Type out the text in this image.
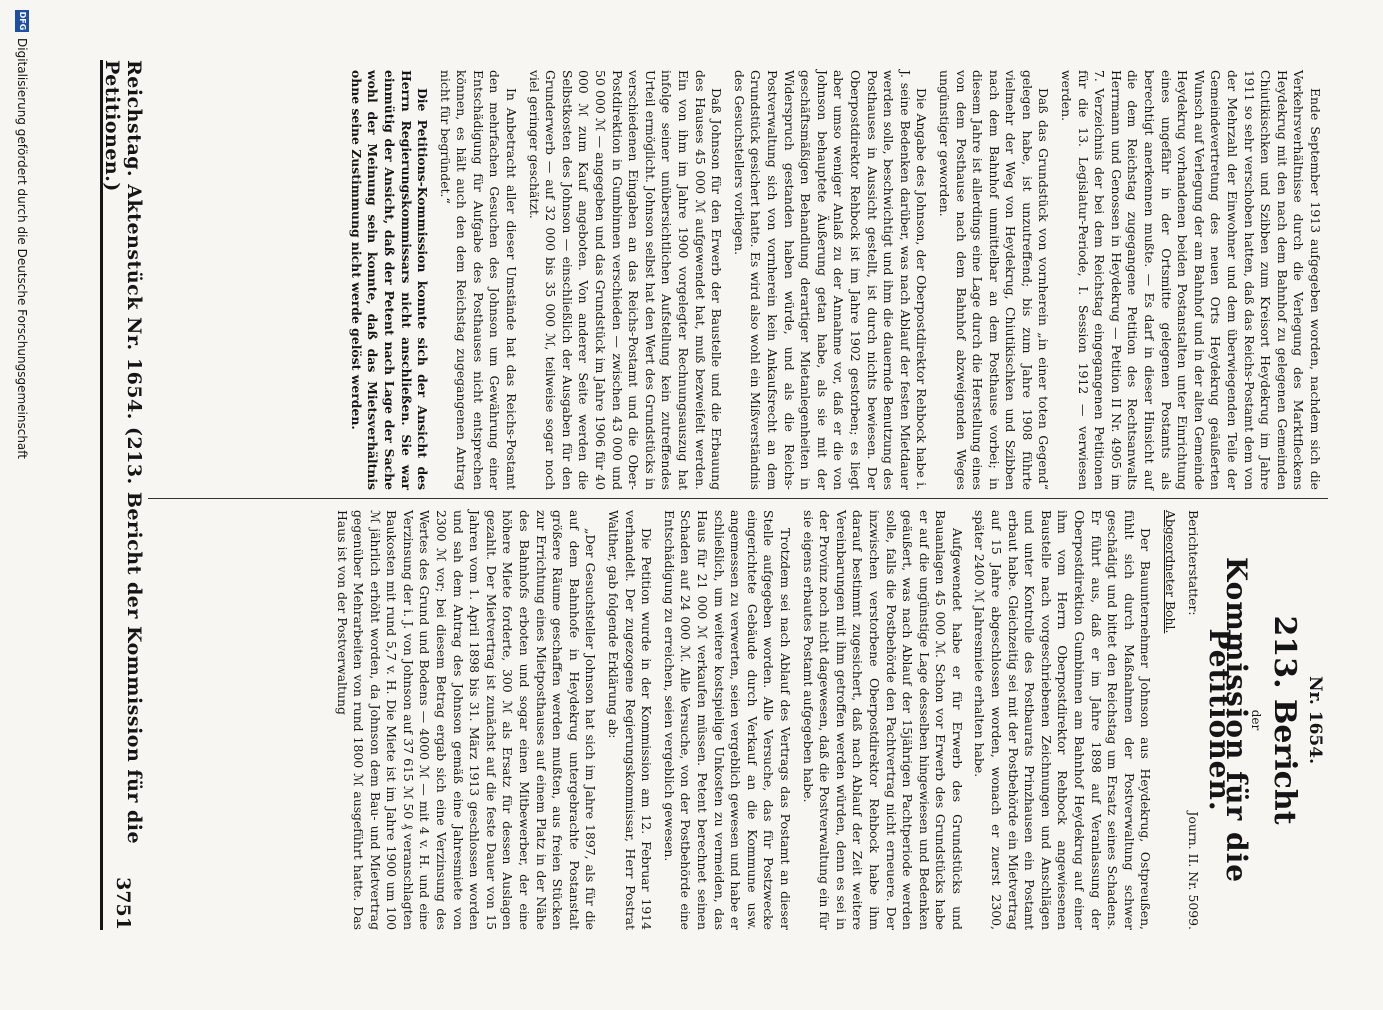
Reichstag. Aktenstück Nr. 1654. (213. Bericht der Kommission für die Petitionen.)
3751
Nr. 1654.
213. Bericht
der
Kommission für die Petitionen.
Berichterstatter:
Journ. II. Nr. 5099.

Abgeordneter Bohl.

Der Bauunternehmer Johnson aus Heydekrug, Ostpreußen, fühlt sich durch Maßnahmen der Postverwaltung schwer geschädigt und bittet den Reichstag um Ersatz seines Schadens. Er führt aus, daß er im Jahre 1898 auf Veranlassung der Oberpostdirektion Gumbinnen am Bahnhof Heydekrug auf einer ihm vom Herrn Oberpostdirektor Rehbock angewiesenen Baustelle nach vorgeschriebenen Zeichnungen und Anschlägen und unter Kontrolle des Postbaurats Prinzhausen ein Postamt erbaut habe. Gleichzeitig sei mit der Postbehörde ein Mietvertrag auf 15 Jahre abgeschlossen worden, wonach er zuerst 2300, später 2400 ℳ Jahresmiete erhalten habe.

Aufgewendet habe er für Erwerb des Grundstücks und Bauanlagen 45 000 ℳ. Schon vor Erwerb des Grundstücks habe er auf die ungünstige Lage desselben hingewiesen und Bedenken geäußert, was nach Ablauf der 15jährigen Pachtperiode werden solle, falls die Postbehörde den Pachtvertrag nicht erneuere. Der inzwischen verstorbene Oberpostdirektor Rehbock habe ihm darauf bestimmt zugesichert, daß nach Ablauf der Zeit weitere Vereinbarungen mit ihm getroffen werden würden, denn es sei in der Provinz noch nicht dagewesen, daß die Postverwaltung ein für sie eigens erbautes Postamt aufgegeben habe.

Trotzdem sei nach Ablauf des Vertrags das Postamt an dieser Stelle aufgegeben worden. Alle Versuche, das für Postzwecke eingerichtete Gebäude durch Verkauf an die Kommune usw. angemessen zu verwerten, seien vergeblich gewesen und habe er schließlich, um weitere kostspielige Unkosten zu vermeiden, das Haus für 21 000 ℳ verkaufen müssen. Petent berechnet seinen Schaden auf 24 000 ℳ. Alle Versuche, von der Postbehörde eine Entschädigung zu erreichen, seien vergeblich gewesen.

Die Petition wurde in der Kommission am 12. Februar 1914 verhandelt. Der zugezogene Regierungskommissar, Herr Postrat Walther, gab folgende Erklärung ab:

„Der Gesuchsteller Johnson hat sich im Jahre 1897, als für die auf dem Bahnhofe in Heydekrug untergebrachte Postanstalt größere Räume geschaffen werden mußten, aus freien Stücken zur Errichtung eines Mietposthauses auf einem Platz in der Nähe des Bahnhofs erboten und sogar einen Mitbewerber, der eine höhere Miete forderte, 300 ℳ als Ersatz für dessen Auslagen gezahlt. Der Mietvertrag ist zunächst auf die feste Dauer von 15 Jahren vom 1. April 1898 bis 31. März 1913 geschlossen worden und sah dem Antrag des Johnson gemäß eine Jahresmiete von 2300 ℳ vor; bei diesem Betrag ergab sich eine Verzinsung des Wertes des Grund und Bodens — 4000 ℳ — mit 4 v. H. und eine Verzinsung der i. J. von Johnson auf 37 615 ℳ 50 ₰ veranschlagten Baukosten mit rund 5,7 v. H. Die Miete ist im Jahre 1900 um 100 ℳ jährlich erhöht worden, da Johnson dem Bau- und Mietvertrag gegenüber Mehrarbeiten von rund 1800 ℳ ausgeführt hatte. Das Haus ist von der Postverwaltung

Ende September 1913 aufgegeben worden, nachdem sich die Verkehrsverhältnisse durch die Verlegung des Marktfleckens Heydekrug mit den nach dem Bahnhof zu gelegenen Gemeinden Chiutikischken und Szibben zum Kreisort Heydekrug im Jahre 1911 so sehr verschoben hatten, daß das Reichs-Postamt dem von der Mehrzahl der Einwohner und dem überwiegenden Teile der Gemeindevertretung des neuen Orts Heydekrug geäußerten Wunsch auf Verlegung der am Bahnhof und in der alten Gemeinde Heydekrug vorhandenen beiden Postanstalten unter Einrichtung eines ungefähr in der Ortsmitte gelegenen Postamts als berechtigt anerkennen mußte. — Es darf in dieser Hinsicht auf die dem Reichstag zugegangene Petition des Rechtsanwalts Herrmann und Genossen in Heydekrug — Petition II Nr. 4905 im 7. Verzeichnis der bei dem Reichstag eingegangenen Petitionen für die 13. Legislatur-Periode, I. Session 1912 — verwiesen werden.

Daß das Grundstück von vornherein „in einer toten Gegend“ gelegen habe, ist unzutreffend; bis zum Jahre 1908 führte vielmehr der Weg von Heydekrug, Chiutikischken und Szibben nach dem Bahnhof unmittelbar an dem Posthause vorbei; in diesem Jahre ist allerdings eine Lage durch die Herstellung eines von dem Posthause nach dem Bahnhof abzweigenden Weges ungünstiger geworden.

Die Angabe des Johnson, der Oberpostdirektor Rehbock habe i. J. seine Bedenken darüber, was nach Ablauf der festen Mietdauer werden solle, beschwichtigt und ihm die dauernde Benutzung des Posthauses in Aussicht gestellt, ist durch nichts bewiesen. Der Oberpostdirektor Rehbock ist im Jahre 1902 gestorben; es liegt aber umso weniger Anlaß zu der Annahme vor, daß er die von Johnson behauptete Äußerung getan habe, als sie mit der geschäftsmäßigen Behandlung derartiger Mietanlegenheiten in Widerspruch gestanden haben würde, und als die Reichs-Postverwaltung sich von vornherein kein Ankaufsrecht an dem Grundstück gesichert hatte. Es wird also wohl ein Mißverständnis des Gesuchstellers vorliegen.

Daß Johnson für den Erwerb der Baustelle und die Erbauung des Hauses 45 000 ℳ aufgewendet hat, muß bezweifelt werden. Ein von ihm im Jahre 1900 vorgelegter Rechnungsauszug hat infolge seiner unübersichtlichen Aufstellung kein zutreffendes Urteil ermöglicht. Johnson selbst hat den Wert des Grundstücks in verschiedenen Eingaben an das Reichs-Postamt und die Ober-Postdirektion in Gumbinnen verschieden — zwischen 43 000 und 50 000 ℳ — angegeben und das Grundstück im Jahre 1906 für 40 000 ℳ zum Kauf angeboten. Von anderer Seite werden die Selbstkosten des Johnson — einschließlich der Ausgaben für den Grunderwerb — auf 32 000 bis 35 000 ℳ, teilweise sogar noch viel geringer geschätzt.

In Anbetracht aller dieser Umstände hat das Reichs-Postamt den mehrfachen Gesuchen des Johnson um Gewährung einer Entschädigung für Aufgabe des Posthauses nicht entsprechen können, es hält auch den dem Reichstag zugegangenen Antrag nicht für begründet.“

Die Petitions-Kommission konnte sich der Ansicht des Herrn Regierungskommissars nicht anschließen. Sie war einmütig der Ansicht, daß der Petent nach Lage der Sache wohl der Meinung sein konnte, daß das Mietsverhältnis ohne seine Zustimmung nicht werde gelöst werden.

DFG
Digitalisierung gefördert durch die Deutsche Forschungsgemeinschaft
